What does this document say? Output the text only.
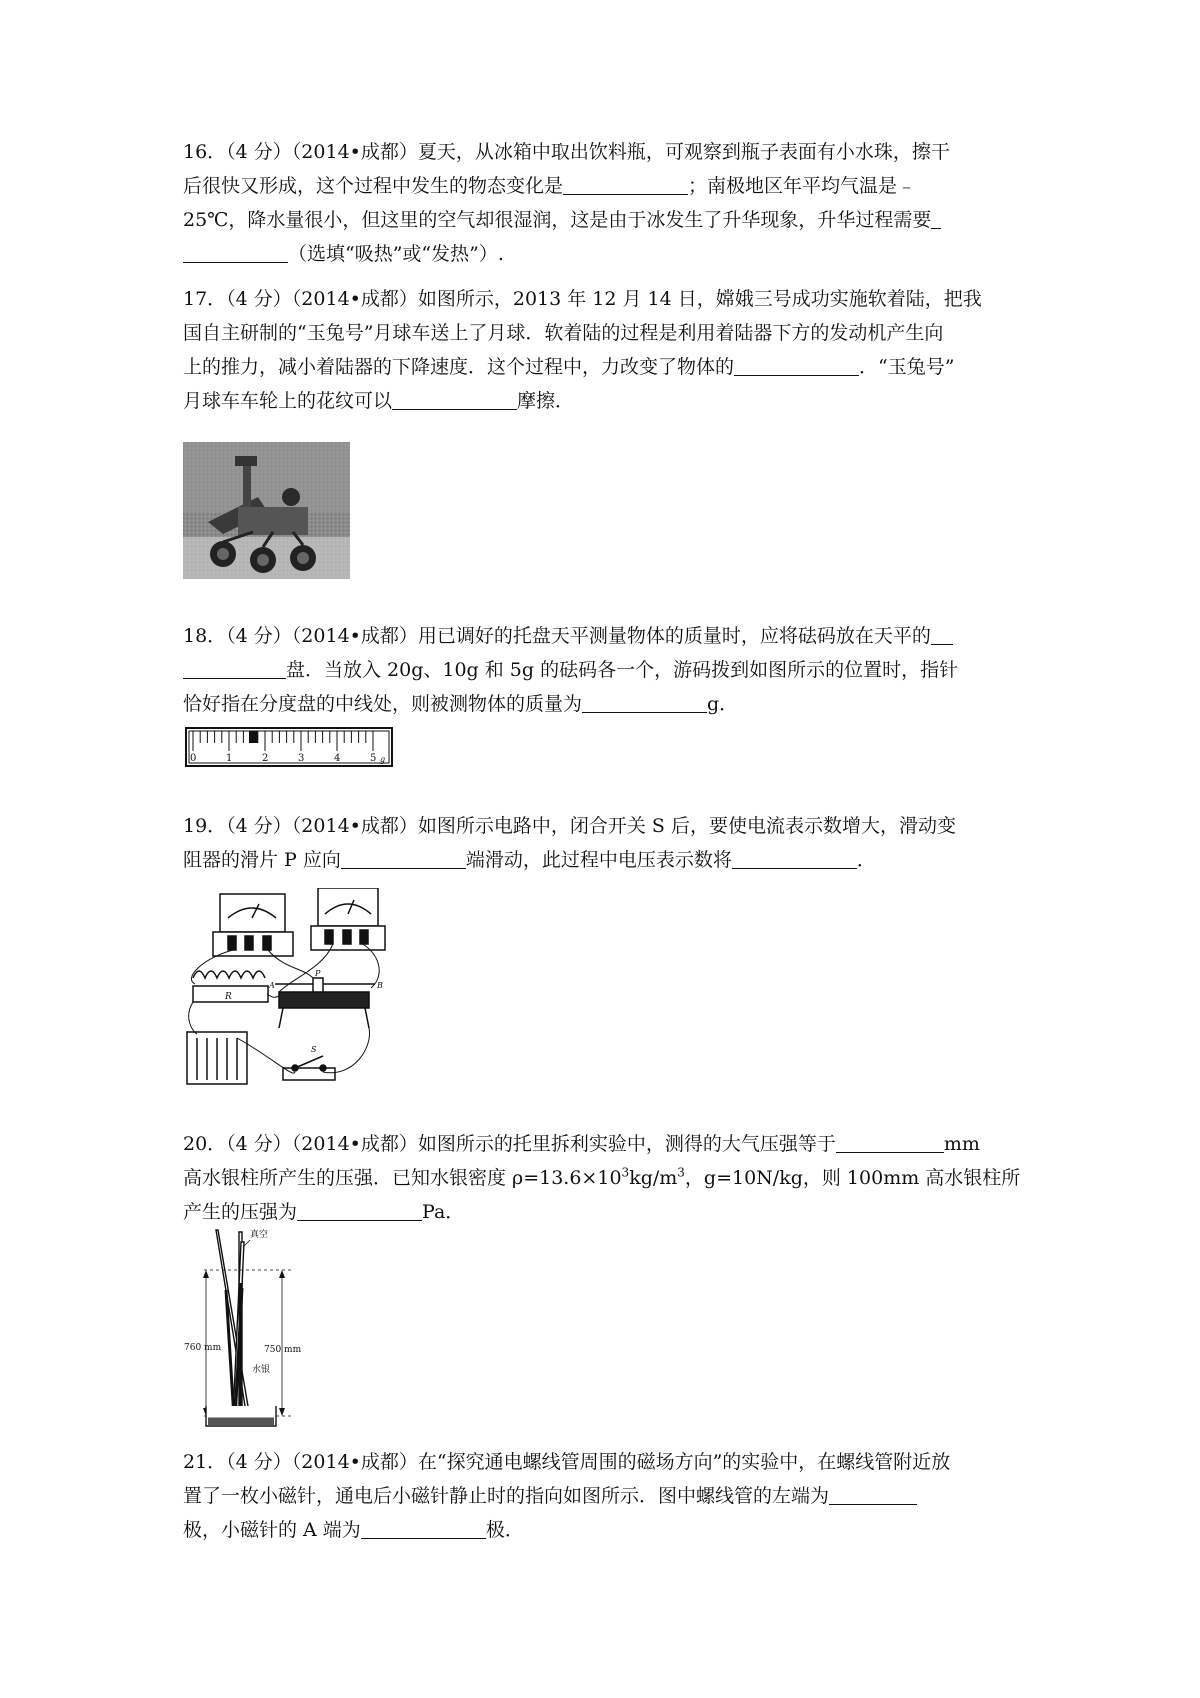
16．（4 分）（2014•成都）夏天，从冰箱中取出饮料瓶，可观察到瓶子表面有小水珠，擦干
后很快又形成，这个过程中发生的物态变化是	；南极地区年平均气温是﹣
25℃，降水量很小，但这里的空气却很湿润，这是由于冰发生了升华现象，升华过程需要
（选填“吸热”或“发热”）.
17．（4 分）（2014•成都）如图所示，2013 年 12 月 14 日，嫦娥三号成功实施软着陆，把我
国自主研制的“玉兔号”月球车送上了月球．软着陆的过程是利用着陆器下方的发动机产生向
上的推力，减小着陆器的下降速度．这个过程中，力改变了物体的	．“玉兔号”
月球车车轮上的花纹可以	摩擦．
18．（4 分）（2014•成都）用已调好的托盘天平测量物体的质量时，应将砝码放在天平的
盘．当放入 20g、10g 和 5g 的砝码各一个，游码拨到如图所示的位置时，指针
恰好指在分度盘的中线处，则被测物体的质量为	g．
0	1	2	3	4	5 g
19．（4 分）（2014•成都）如图所示电路中，闭合开关 S 后，要使电流表示数增大，滑动变
阻器的滑片 P 应向	端滑动，此过程中电压表示数将	．
R
A
P
B
S
20．（4 分）（2014•成都）如图所示的托里拆利实验中，测得的大气压强等于	mm
高水银柱所产生的压强．已知水银密度 $\rho=13.6\times 10^3kg/m^3$，g=10N/kg，则 100mm 高水银柱所
产生的压强为	Pa．
真空
760 mm	750 mm
水银
21．（4 分）（2014•成都）在“探究通电螺线管周围的磁场方向”的实验中，在螺线管附近放
置了一枚小磁针，通电后小磁针静止时的指向如图所示．图中螺线管的左端为
极，小磁针的 A 端为	极．
